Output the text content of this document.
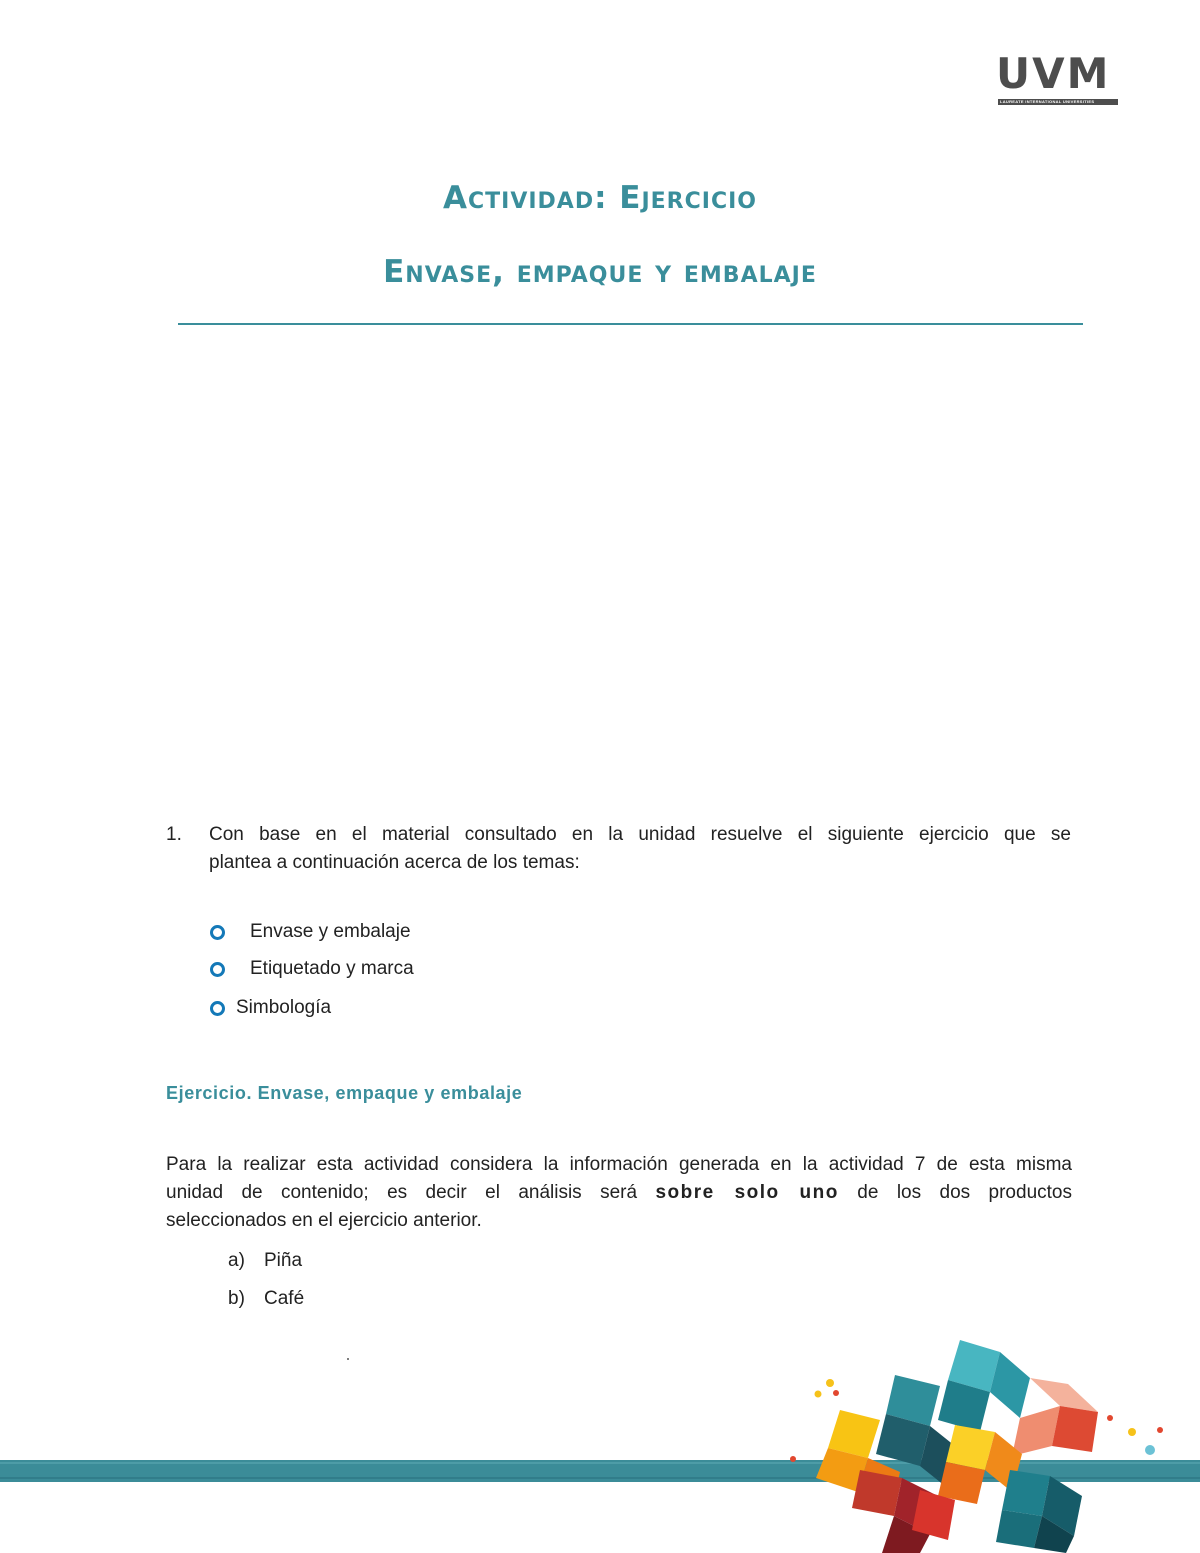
UVM
LAUREATE INTERNATIONAL UNIVERSITIES
Actividad: Ejercicio
Envase, empaque y embalaje
1. Con base en el material consultado en la unidad resuelve el siguiente ejercicio que se
plantea a continuación acerca de los temas:
Envase y embalaje
Etiquetado y marca
Simbología
Ejercicio. Envase, empaque y embalaje
Para la realizar esta actividad considera la información generada en la actividad 7 de esta misma
unidad de contenido; es decir el análisis será sobre solo uno de los dos productos
seleccionados en el ejercicio anterior.
a) Piña
b) Café
